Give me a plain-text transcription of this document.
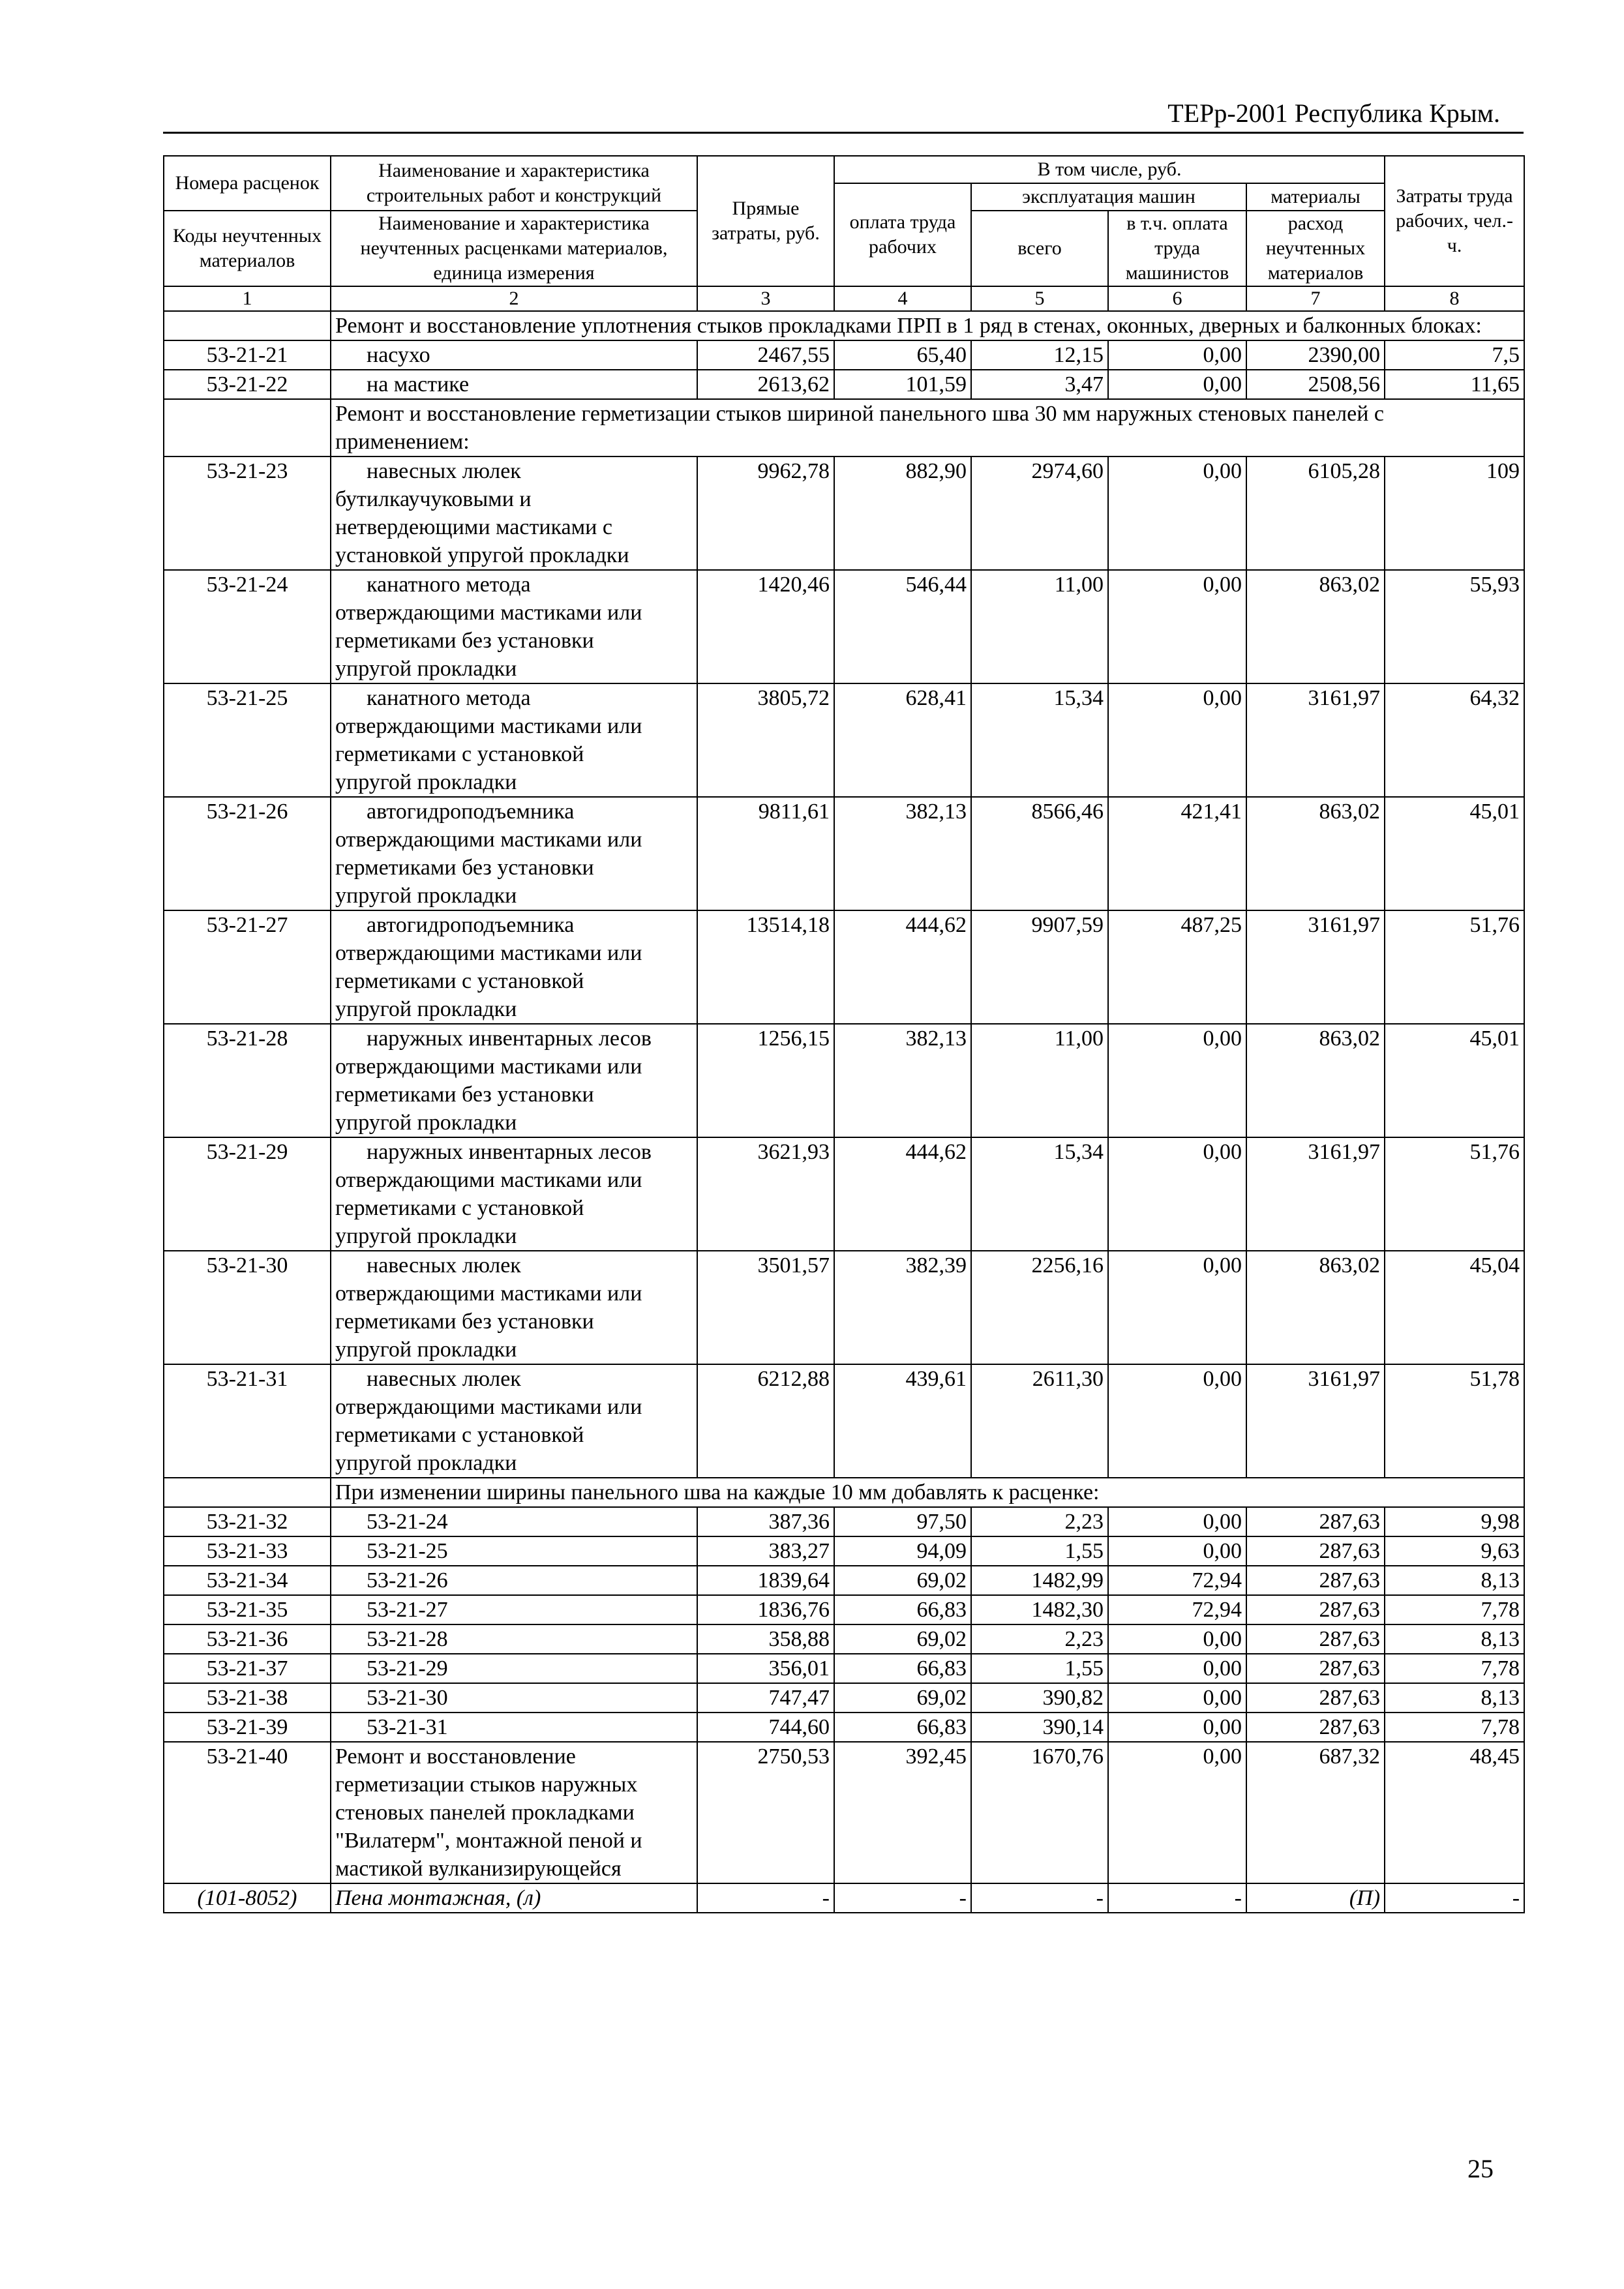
ТЕРр-2001 Республика Крым.
Номера расценок	Наименование и характеристика строительных работ и конструкций	Прямые затраты, руб.	В том числе, руб.				Затраты труда рабочих, чел.-ч.
			оплата труда рабочих	эксплуатация машин		материалы	
Коды неучтенных материалов	Наименование и характеристика неучтенных расценками материалов, единица измерения			всего	в т.ч. оплата труда машинистов	расход неучтенных материалов	

1	2	3	4	5	6	7	8
	Ремонт и восстановление уплотнения стыков прокладками ПРП в 1 ряд в стенах, оконных, дверных и балконных блоках:						
53-21-21	насухо	2467,55	65,40	12,15	0,00	2390,00	7,5
53-21-22	на мастике	2613,62	101,59	3,47	0,00	2508,56	11,65
	Ремонт и восстановление герметизации стыков шириной панельного шва 30 мм наружных стеновых панелей с применением:						
53-21-23	навесных люлек
бутилкаучуковыми и
нетвердеющими мастиками с
установкой упругой прокладки	9962,78	882,90	2974,60	0,00	6105,28	109
53-21-24	канатного метода
отверждающими мастиками или
герметиками без установки
упругой прокладки	1420,46	546,44	11,00	0,00	863,02	55,93
53-21-25	канатного метода
отверждающими мастиками или
герметиками с установкой
упругой прокладки	3805,72	628,41	15,34	0,00	3161,97	64,32
53-21-26	автогидроподъемника
отверждающими мастиками или
герметиками без установки
упругой прокладки	9811,61	382,13	8566,46	421,41	863,02	45,01
53-21-27	автогидроподъемника
отверждающими мастиками или
герметиками с установкой
упругой прокладки	13514,18	444,62	9907,59	487,25	3161,97	51,76
53-21-28	наружных инвентарных лесов
отверждающими мастиками или
герметиками без установки
упругой прокладки	1256,15	382,13	11,00	0,00	863,02	45,01
53-21-29	наружных инвентарных лесов
отверждающими мастиками или
герметиками с установкой
упругой прокладки	3621,93	444,62	15,34	0,00	3161,97	51,76
53-21-30	навесных люлек
отверждающими мастиками или
герметиками без установки
упругой прокладки	3501,57	382,39	2256,16	0,00	863,02	45,04
53-21-31	навесных люлек
отверждающими мастиками или
герметиками с установкой
упругой прокладки	6212,88	439,61	2611,30	0,00	3161,97	51,78
	При изменении ширины панельного шва на каждые 10 мм добавлять к расценке:						
53-21-32	53-21-24	387,36	97,50	2,23	0,00	287,63	9,98
53-21-33	53-21-25	383,27	94,09	1,55	0,00	287,63	9,63
53-21-34	53-21-26	1839,64	69,02	1482,99	72,94	287,63	8,13
53-21-35	53-21-27	1836,76	66,83	1482,30	72,94	287,63	7,78
53-21-36	53-21-28	358,88	69,02	2,23	0,00	287,63	8,13
53-21-37	53-21-29	356,01	66,83	1,55	0,00	287,63	7,78
53-21-38	53-21-30	747,47	69,02	390,82	0,00	287,63	8,13
53-21-39	53-21-31	744,60	66,83	390,14	0,00	287,63	7,78
53-21-40	Ремонт и восстановление
герметизации стыков наружных
стеновых панелей прокладками
"Вилатерм", монтажной пеной и
мастикой вулканизирующейся	2750,53	392,45	1670,76	0,00	687,32	48,45
(101-8052)	Пена монтажная, (л)	-	-	-	-	(П)	-
25
